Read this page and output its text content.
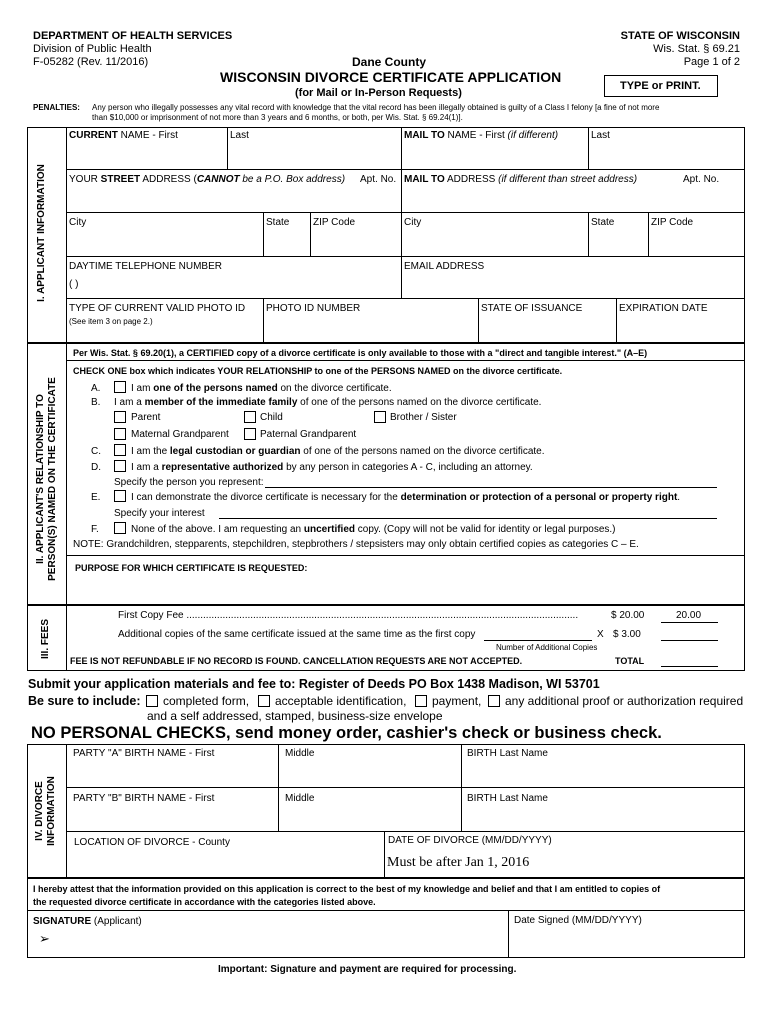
DEPARTMENT OF HEALTH SERVICES
Division of Public Health
F-05282 (Rev. 11/2016)
STATE OF WISCONSIN
Wis. Stat. § 69.21
Page 1 of 2
Dane County
WISCONSIN DIVORCE CERTIFICATE APPLICATION
(for Mail or In-Person Requests)
TYPE or PRINT.
PENALTIES: Any person who illegally possesses any vital record with knowledge that the vital record has been illegally obtained is guilty of a Class I felony [a fine of not more
than $10,000 or imprisonment of not more than 3 years and 6 months, or both, per Wis. Stat. § 69.24(1)].
I. APPLICANT INFORMATION
CURRENT NAME - First	Last	MAIL TO NAME - First (if different)	Last
YOUR STREET ADDRESS (CANNOT be a P.O. Box address) Apt. No. MAIL TO ADDRESS (if different than street address)	Apt. No.
City	State ZIP Code	City	State	ZIP Code
DAYTIME TELEPHONE NUMBER
( )
EMAIL ADDRESS
TYPE OF CURRENT VALID PHOTO ID
(See item 3 on page 2.)
PHOTO ID NUMBER	STATE OF ISSUANCE	EXPIRATION DATE
II. APPLICANT'S RELATIONSHIP TO PERSON(S) NAMED ON THE CERTIFICATE
Per Wis. Stat. § 69.20(1), a CERTIFIED copy of a divorce certificate is only available to those with a "direct and tangible interest." (A–E)
CHECK ONE box which indicates YOUR RELATIONSHIP to one of the PERSONS NAMED on the divorce certificate.
A.	I am one of the persons named on the divorce certificate.
B. I am a member of the immediate family of one of the persons named on the divorce certificate.
Parent	Child	Brother / Sister
Maternal Grandparent	Paternal Grandparent
C.	I am the legal custodian or guardian of one of the persons named on the divorce certificate.
D.	I am a representative authorized by any person in categories A - C, including an attorney.
Specify the person you represent:
E.	I can demonstrate the divorce certificate is necessary for the determination or protection of a personal or property right.
Specify your interest
F.	None of the above. I am requesting an uncertified copy. (Copy will not be valid for identity or legal purposes.)
NOTE: Grandchildren, stepparents, stepchildren, stepbrothers / stepsisters may only obtain certified copies as categories C – E.
PURPOSE FOR WHICH CERTIFICATE IS REQUESTED:
III. FEES
First Copy Fee .............................................................................................................................................	$ 20.00	20.00
Additional copies of the same certificate issued at the same time as the first copy	X $ 3.00
Number of Additional Copies
FEE IS NOT REFUNDABLE IF NO RECORD IS FOUND. CANCELLATION REQUESTS ARE NOT ACCEPTED.	TOTAL
Submit your application materials and fee to: Register of Deeds PO Box 1438 Madison, WI 53701
Be sure to include: completed form, acceptable identification, payment, any additional proof or authorization required
and a self addressed, stamped, business-size envelope
NO PERSONAL CHECKS, send money order, cashier's check or business check.
IV. DIVORCE INFORMATION
PARTY "A" BIRTH NAME - First	Middle	BIRTH Last Name
PARTY "B" BIRTH NAME - First	Middle	BIRTH Last Name
LOCATION OF DIVORCE - County	DATE OF DIVORCE (MM/DD/YYYY)
Must be after Jan 1, 2016
I hereby attest that the information provided on this application is correct to the best of my knowledge and belief and that I am entitled to copies of
the requested divorce certificate in accordance with the categories listed above.
SIGNATURE (Applicant)
➢
Date Signed (MM/DD/YYYY)
Important: Signature and payment are required for processing.
